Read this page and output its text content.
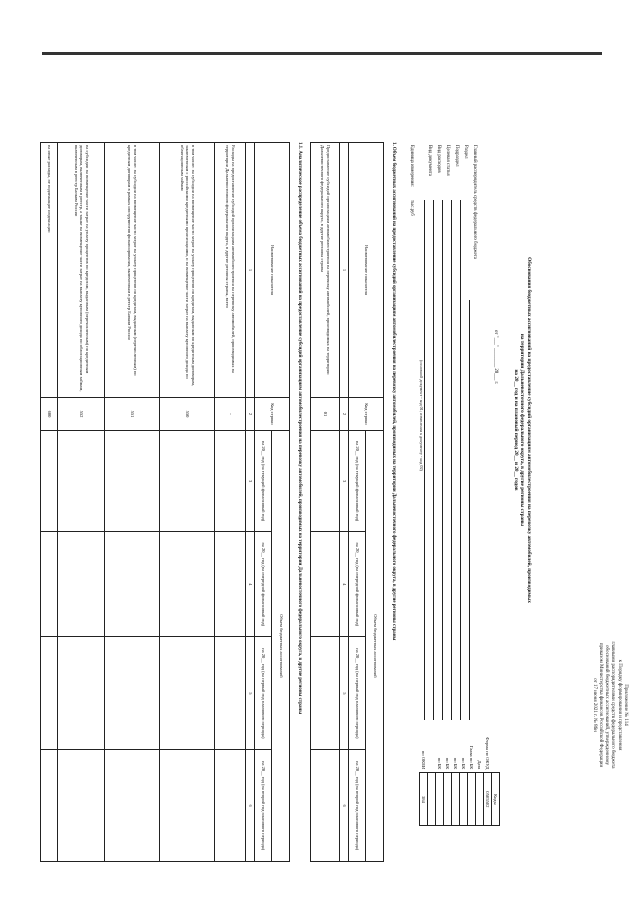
Приложение № 114
к Порядку формирования и представления
главными распорядителями средств федерального бюджета
обоснований бюджетных ассигнований, утвержденному
приказом Министерства финансов Российской Федерации
от 17 июня 2021 г. № 86н
Обоснования бюджетных ассигнований на предоставление субсидий организациям автомобилестроения на перевозку автомобилей, производимых
на территории Дальневосточного федерального округа, в другие регионы страны
на 20__ год и на плановый период 20__ и 20__ годов
от "___" ________ 20___ г.
	Коды
Форма по ОКУД	0505502
Дата	
Глава по БК	
по БК	
по БК	
по БК	
по БК	

по ОКЕИ	384
Главный распорядитель средств федерального бюджета
Раздел
Подраздел
Целевая статья
Вид расходов
Вид документа
(основной документ - код 01; изменения к документу - код 02)
Единица измерения:
тыс.руб
1. Объем бюджетных ассигнований на предоставление субсидий организациям автомобилестроения на перевозку автомобилей, производимых на территории Дальневосточного федерального округа, в другие регионы страны
Наименование показателя	Код строки	Объем бюджетных ассигнований			
		на 20__ год (на текущий финансовый год)	на 20__ год (на очередной финансовый год)	на 20__ год (на первый год планового периода)	на 20__ год (на второй год планового периода)
1	2	3	4	5	6
Предоставление субсидий организациям автомобилестроения на перевозку автомобилей, производимых на территории Дальневосточного федерального округа, в другие регионы страны	01				
1.1. Аналитическое распределение объема бюджетных ассигнований на предоставление субсидий организациям автомобилестроения на перевозку автомобилей, производимых на территории Дальневосточного федерального округа, в другие регионы страны
Наименование показателя	Код строки	Объем бюджетных ассигнований			
		на 20__ год (на текущий финансовый год)	на 20__ год (на очередной финансовый год)	на 20__ год (на первый год планового периода)	на 20__ год (на второй год планового периода)
1	2	3	4	5	6
Расходы на предоставление субсидий организациям автомобилестроения на перевозку автомобилей, производимых на территории Дальневосточного федерального округа, в другие регионы страны, всего	-				
в том числе: на субсидии на возмещение части затрат на уплату процентов по кредитам, выданным по кредитным договорам, заключенным с российскими кредитными организациями, и на возмещение части затрат на выплату купонного дохода по облигационным займам	550				
в том числе: на субсидии на возмещение части затрат на уплату процентов по кредитам, выданным (перечисленным) по кредитным договорам в рамках инструментов финансирования, включенным в реестр Банком России	551				
на субсидии на возмещение части затрат на уплату процентов по кредитам, выданным (перечисленным) по кредитным договорам, включенным в реестр, а также на возмещение части затрат на выплату купонного дохода по облигационным займам, включенным в реестр Банком России	552				
на иные расходы, не подлежащие индексации	600				
